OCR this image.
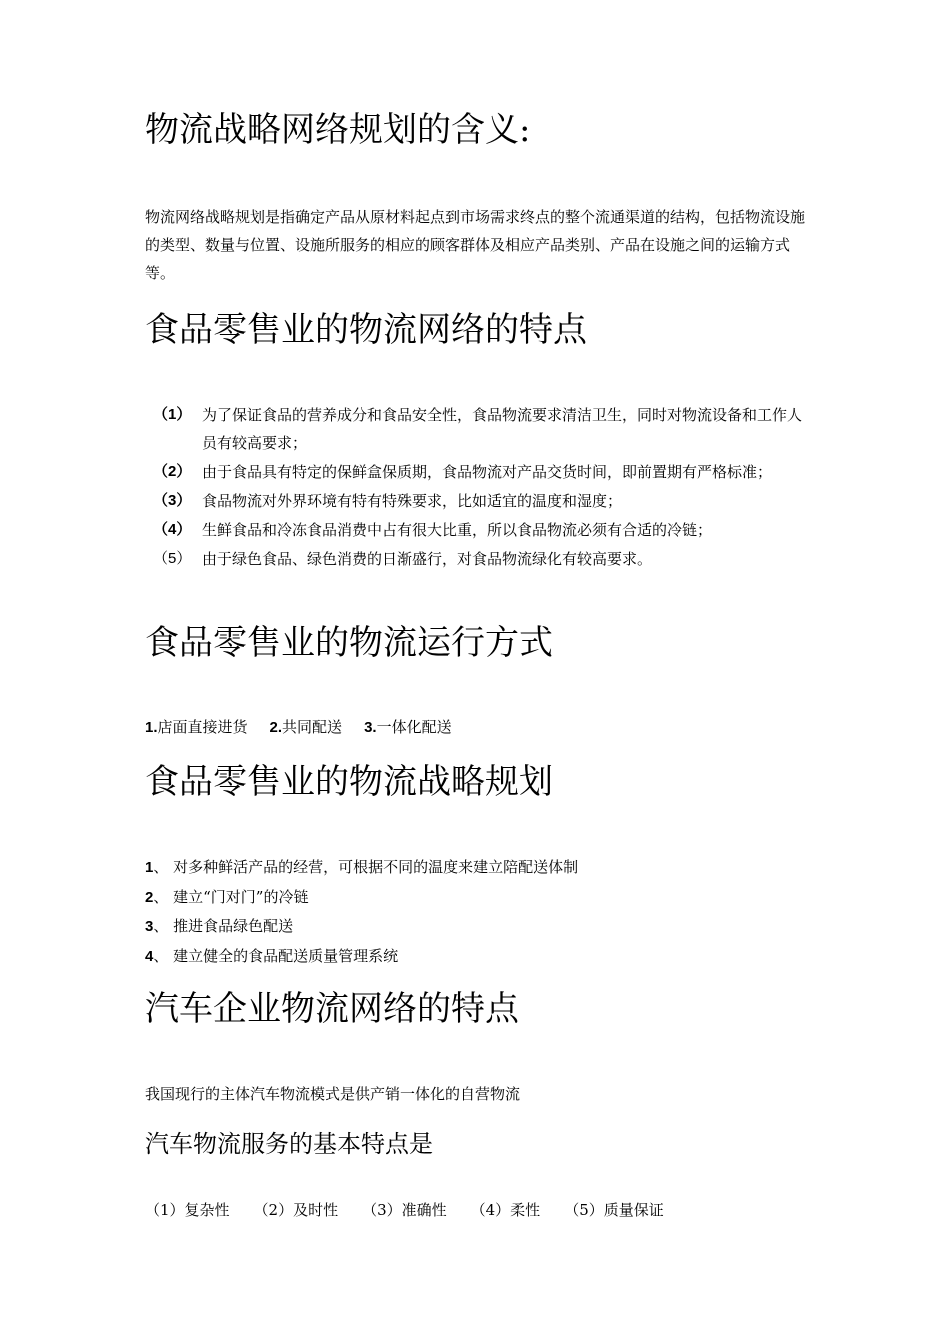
物流战略网络规划的含义:

物流网络战略规划是指确定产品从原材料起点到市场需求终点的整个流通渠道的结构，包括物流设施的类型、数量与位置、设施所服务的相应的顾客群体及相应产品类别、产品在设施之间的运输方式等。

食品零售业的物流网络的特点
（1） 为了保证食品的营养成分和食品安全性，食品物流要求清洁卫生，同时对物流设备和工作人员有较高要求；
（2） 由于食品具有特定的保鲜盒保质期，食品物流对产品交货时间，即前置期有严格标准；
（3） 食品物流对外界环境有特有特殊要求，比如适宜的温度和湿度；
（4） 生鲜食品和冷冻食品消费中占有很大比重，所以食品物流必须有合适的冷链；
（5） 由于绿色食品、绿色消费的日渐盛行，对食品物流绿化有较高要求。
食品零售业的物流运行方式

1.店面直接进货 2.共同配送 3.一体化配送

食品零售业的物流战略规划
1、 对多种鲜活产品的经营，可根据不同的温度来建立陪配送体制
2、 建立“门对门”的冷链
3、 推进食品绿色配送
4、 建立健全的食品配送质量管理系统
汽车企业物流网络的特点

我国现行的主体汽车物流模式是供产销一体化的自营物流

汽车物流服务的基本特点是

（1）复杂性 （2）及时性 （3）准确性 （4）柔性 （5）质量保证
